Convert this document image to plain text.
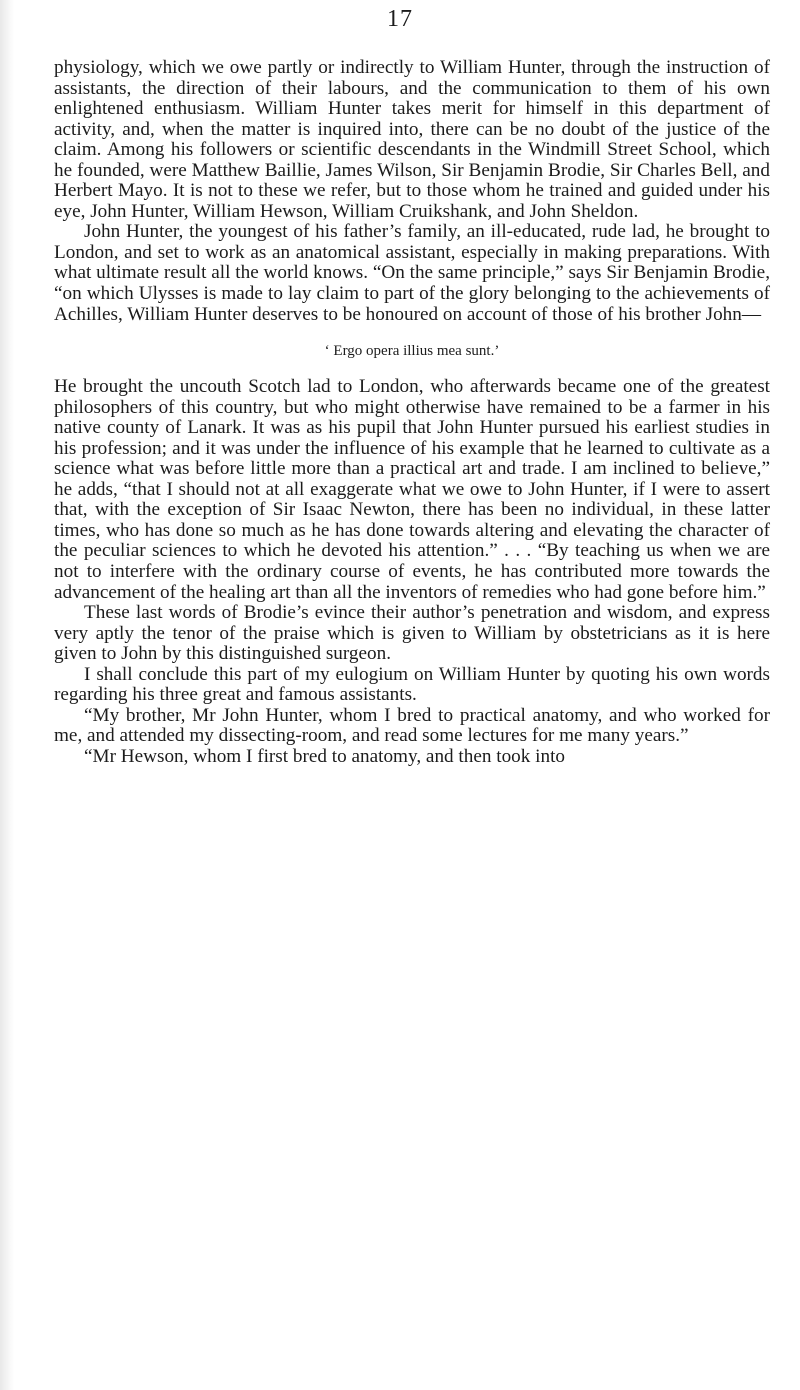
17

physiology, which we owe partly or indirectly to William Hunter, through the instruction of assistants, the direction of their labours, and the communication to them of his own enlightened enthusiasm. William Hunter takes merit for himself in this department of activity, and, when the matter is inquired into, there can be no doubt of the justice of the claim. Among his followers or scientific descendants in the Windmill Street School, which he founded, were Matthew Baillie, James Wilson, Sir Benjamin Brodie, Sir Charles Bell, and Herbert Mayo. It is not to these we refer, but to those whom he trained and guided under his eye, John Hunter, William Hewson, William Cruikshank, and John Sheldon.

John Hunter, the youngest of his father’s family, an ill-educated, rude lad, he brought to London, and set to work as an anatomical assistant, especially in making preparations. With what ultimate result all the world knows. “On the same principle,” says Sir Benjamin Brodie, “on which Ulysses is made to lay claim to part of the glory belonging to the achievements of Achilles, William Hunter deserves to be honoured on account of those of his brother John—

‘ Ergo opera illius mea sunt.’

He brought the uncouth Scotch lad to London, who afterwards became one of the greatest philosophers of this country, but who might otherwise have remained to be a farmer in his native county of Lanark. It was as his pupil that John Hunter pursued his earliest studies in his profession; and it was under the influence of his example that he learned to cultivate as a science what was before little more than a practical art and trade. I am inclined to believe,” he adds, “that I should not at all exaggerate what we owe to John Hunter, if I were to assert that, with the exception of Sir Isaac Newton, there has been no individual, in these latter times, who has done so much as he has done towards altering and elevating the character of the peculiar sciences to which he devoted his attention.” . . . “By teaching us when we are not to interfere with the ordinary course of events, he has contributed more towards the advancement of the healing art than all the inventors of remedies who had gone before him.”

These last words of Brodie’s evince their author’s penetration and wisdom, and express very aptly the tenor of the praise which is given to William by obstetricians as it is here given to John by this distinguished surgeon.

I shall conclude this part of my eulogium on William Hunter by quoting his own words regarding his three great and famous assistants.

“My brother, Mr John Hunter, whom I bred to practical anatomy, and who worked for me, and attended my dissecting-room, and read some lectures for me many years.”

“Mr Hewson, whom I first bred to anatomy, and then took into
